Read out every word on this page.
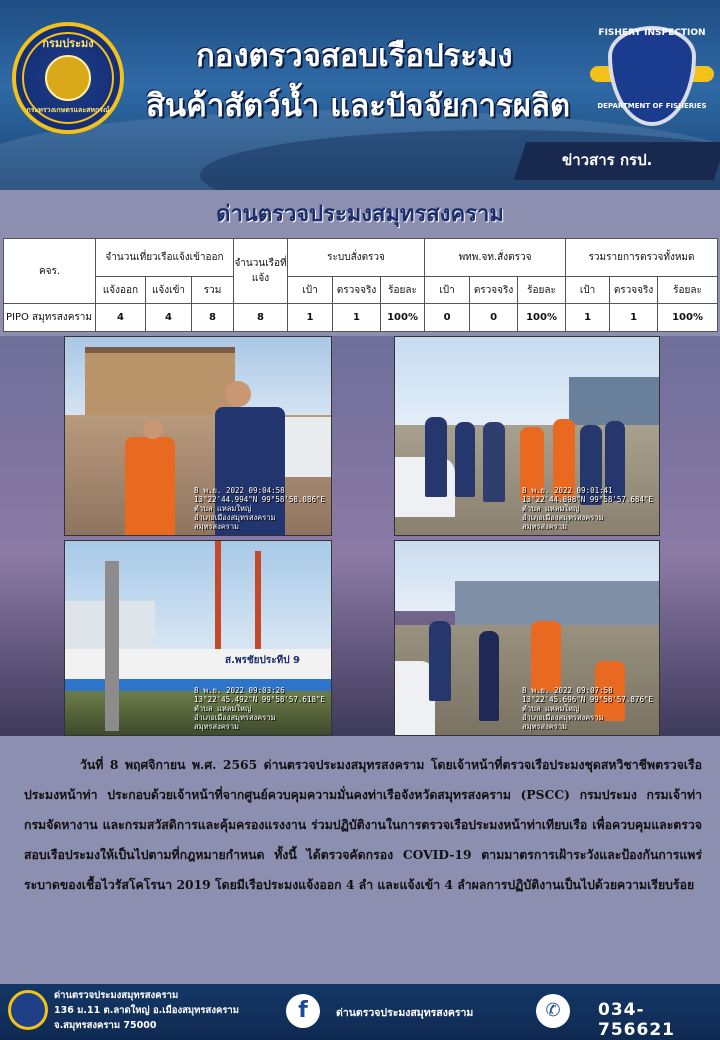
กรมประมง
กระทรวงเกษตรและสหกรณ์
กองตรวจสอบเรือประมง
สินค้าสัตว์น้ำ และปัจจัยการผลิต
FISHERY INSPECTION
DEPARTMENT OF FISHERIES
ข่าวสาร กรป.
ด่านตรวจประมงสมุทรสงคราม
คจร.	จำนวนเที่ยวเรือแจ้งเข้าออก			จำนวนเรือที่แจ้ง	ระบบสั่งตรวจ			พทพ.จท.สั่งตรวจ			รวมรายการตรวจทั้งหมด		
	แจ้งออก	แจ้งเข้า	รวม		เป้า	ตรวจจริง	ร้อยละ	เป้า	ตรวจจริง	ร้อยละ	เป้า	ตรวจจริง	ร้อยละ
PIPO สมุทรสงคราม	4	4	8	8	1	1	100%	0	0	100%	1	1	100%
8 พ.ย. 2022 09:04:58
13°22'44.994"N 99°58'58.086"E
ตำบล แหลมใหญ่
อำเภอเมืองสมุทรสงคราม
สมุทรสงคราม
8 พ.ย. 2022 09:01:41
13°22'44.898"N 99°58'57.684"E
ตำบล แหลมใหญ่
อำเภอเมืองสมุทรสงคราม
สมุทรสงคราม
ส.พรชัยประทีป 9
8 พ.ย. 2022 09:03:26
13°22'45.492"N 99°58'57.618"E
ตำบล แหลมใหญ่
อำเภอเมืองสมุทรสงคราม
สมุทรสงคราม
8 พ.ย. 2022 09:07:58
13°22'45.696"N 99°58'57.876"E
ตำบล แหลมใหญ่
อำเภอเมืองสมุทรสงคราม
สมุทรสงคราม
วันที่ 8 พฤศจิกายน พ.ศ. 2565 ด่านตรวจประมงสมุทรสงคราม โดยเจ้าหน้าที่ตรวจเรือประมงชุดสหวิชาชีพตรวจเรือประมงหน้าท่า ประกอบด้วยเจ้าหน้าที่จากศูนย์ควบคุมความมั่นคงท่าเรือจังหวัดสมุทรสงคราม (PSCC) กรมประมง กรมเจ้าท่า กรมจัดหางาน และกรมสวัสดิการและคุ้มครองแรงงาน ร่วมปฏิบัติงานในการตรวจเรือประมงหน้าท่าเทียบเรือ เพื่อควบคุมและตรวจสอบเรือประมงให้เป็นไปตามที่กฎหมายกำหนด ทั้งนี้ ได้ตรวจคัดกรอง COVID-19 ตามมาตรการเฝ้าระวังและป้องกันการแพร่ระบาดของเชื้อไวรัสโคโรนา 2019 โดยมีเรือประมงแจ้งออก 4 ลำ และแจ้งเข้า 4 ลำผลการปฏิบัติงานเป็นไปด้วยความเรียบร้อย
ด่านตรวจประมงสมุทรสงคราม
136 ม.11 ต.ลาดใหญ่ อ.เมืองสมุทรสงคราม
จ.สมุทรสงคราม 75000
f	ด่านตรวจประมงสมุทรสงคราม	✆	034-756621
